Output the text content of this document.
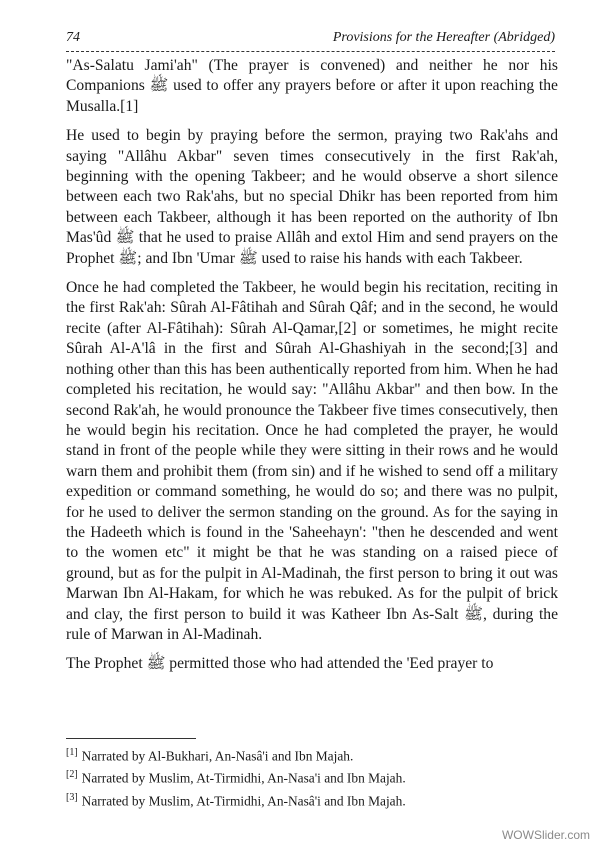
74	Provisions for the Hereafter (Abridged)

"As-Salatu Jami'ah" (The prayer is convened) and neither he nor his Companions ﷺ used to offer any prayers before or after it upon reaching the Musalla.[1]

He used to begin by praying before the sermon, praying two Rak'ahs and saying "Allâhu Akbar" seven times consecutively in the first Rak'ah, beginning with the opening Takbeer; and he would observe a short silence between each two Rak'ahs, but no special Dhikr has been reported from him between each Takbeer, although it has been reported on the authority of Ibn Mas'ûd ﷺ that he used to praise Allâh and extol Him and send prayers on the Prophet ﷺ; and Ibn 'Umar ﷺ used to raise his hands with each Takbeer.

Once he had completed the Takbeer, he would begin his recitation, reciting in the first Rak'ah: Sûrah Al-Fâtihah and Sûrah Qâf; and in the second, he would recite (after Al-Fâtihah): Sûrah Al-Qamar,[2] or sometimes, he might recite Sûrah Al-A'lâ in the first and Sûrah Al-Ghashiyah in the second;[3] and nothing other than this has been authentically reported from him. When he had completed his recitation, he would say: "Allâhu Akbar" and then bow. In the second Rak'ah, he would pronounce the Takbeer five times consecutively, then he would begin his recitation. Once he had completed the prayer, he would stand in front of the people while they were sitting in their rows and he would warn them and prohibit them (from sin) and if he wished to send off a military expedition or command something, he would do so; and there was no pulpit, for he used to deliver the sermon standing on the ground. As for the saying in the Hadeeth which is found in the 'Saheehayn': "then he descended and went to the women etc" it might be that he was standing on a raised piece of ground, but as for the pulpit in Al-Madinah, the first person to bring it out was Marwan Ibn Al-Hakam, for which he was rebuked. As for the pulpit of brick and clay, the first person to build it was Katheer Ibn As-Salt ﷺ, during the rule of Marwan in Al-Madinah.

The Prophet ﷺ permitted those who had attended the 'Eed prayer to

[1] Narrated by Al-Bukhari, An-Nasâ'i and Ibn Majah.
[2] Narrated by Muslim, At-Tirmidhi, An-Nasa'i and Ibn Majah.
[3] Narrated by Muslim, At-Tirmidhi, An-Nasâ'i and Ibn Majah.
WOWSlider.com
